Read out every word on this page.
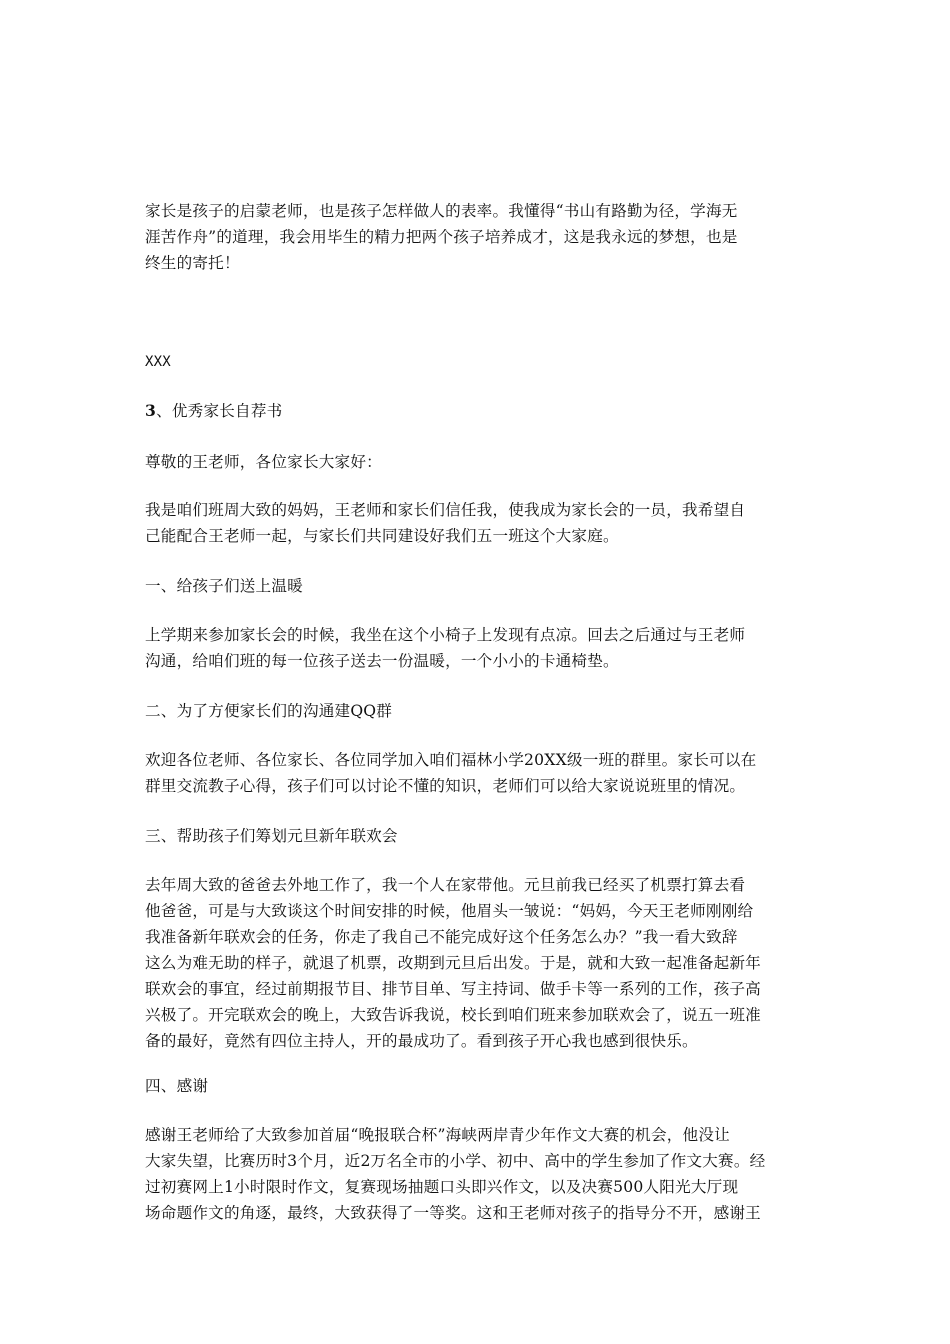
家长是孩子的启蒙老师，也是孩子怎样做人的表率。我懂得“书山有路勤为径，学海无
涯苦作舟”的道理，我会用毕生的精力把两个孩子培养成才，这是我永远的梦想，也是
终生的寄托！
XXX
3、优秀家长自荐书
尊敬的王老师，各位家长大家好：
我是咱们班周大致的妈妈，王老师和家长们信任我，使我成为家长会的一员，我希望自
己能配合王老师一起，与家长们共同建设好我们五一班这个大家庭。
一、给孩子们送上温暖
上学期来参加家长会的时候，我坐在这个小椅子上发现有点凉。回去之后通过与王老师
沟通，给咱们班的每一位孩子送去一份温暖，一个小小的卡通椅垫。
二、为了方便家长们的沟通建QQ群
欢迎各位老师、各位家长、各位同学加入咱们福林小学20XX级一班的群里。家长可以在
群里交流教子心得，孩子们可以讨论不懂的知识，老师们可以给大家说说班里的情况。
三、帮助孩子们筹划元旦新年联欢会
去年周大致的爸爸去外地工作了，我一个人在家带他。元旦前我已经买了机票打算去看
他爸爸，可是与大致谈这个时间安排的时候，他眉头一皱说：“妈妈，今天王老师刚刚给
我准备新年联欢会的任务，你走了我自己不能完成好这个任务怎么办？”我一看大致辞
这么为难无助的样子，就退了机票，改期到元旦后出发。于是，就和大致一起准备起新年
联欢会的事宜，经过前期报节目、排节目单、写主持词、做手卡等一系列的工作，孩子高
兴极了。开完联欢会的晚上，大致告诉我说，校长到咱们班来参加联欢会了，说五一班准
备的最好，竟然有四位主持人，开的最成功了。看到孩子开心我也感到很快乐。
四、感谢
感谢王老师给了大致参加首届“晚报联合杯”海峡两岸青少年作文大赛的机会，他没让
大家失望，比赛历时3个月，近2万名全市的小学、初中、高中的学生参加了作文大赛。经
过初赛网上1小时限时作文，复赛现场抽题口头即兴作文，以及决赛500人阳光大厅现
场命题作文的角逐，最终，大致获得了一等奖。这和王老师对孩子的指导分不开，感谢王
